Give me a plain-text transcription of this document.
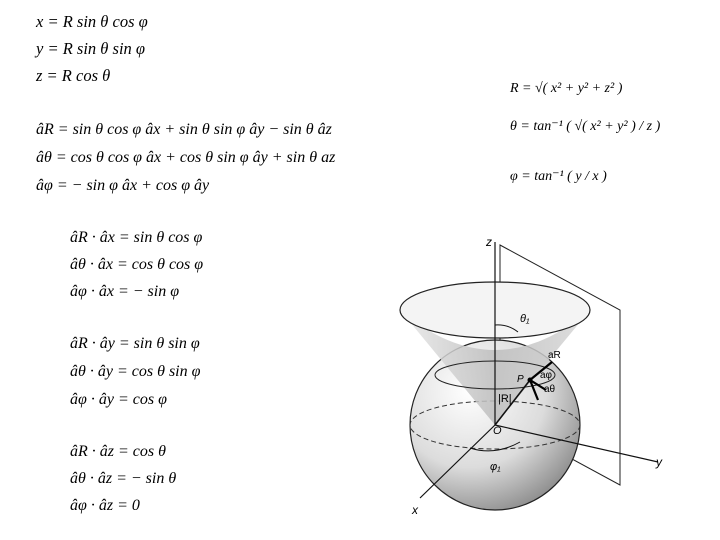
x = R sin θ cos φ
y = R sin θ sin φ
z = R cos θ
R = √( x² + y² + z² )
θ = tan⁻¹ ( √( x² + y² ) / z )
φ = tan⁻¹ ( y / x )
âR = sin θ cos φ âx + sin θ sin φ ây − sin θ âz
âθ = cos θ cos φ âx + cos θ sin φ ây + sin θ az
âφ = − sin φ âx + cos φ ây
âR · âx = sin θ cos φ
âθ · âx = cos θ cos φ
âφ · âx = − sin φ
âR · ây = sin θ sin φ
âθ · ây = cos θ sin φ
âφ · ây = cos φ
âR · âz = cos θ
âθ · âz = − sin θ
âφ · âz = 0
z
y
x
θ₁
φ₁
aR
aθ
aφ
|R|
O
P
